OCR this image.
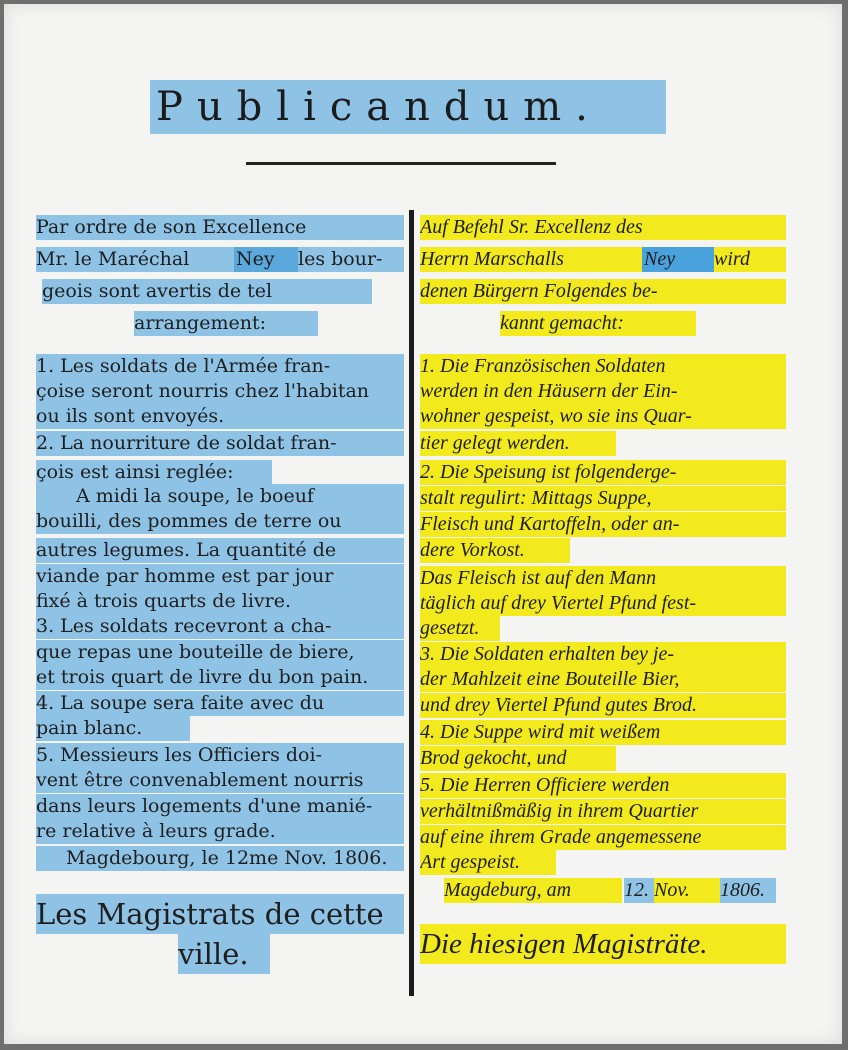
Publicandum.
Par ordre de son Excellence
Mr. le Maréchal	Ney	les bour-
geois sont avertis de tel
arrangement:
1. Les soldats de l'Armée fran-
çoise seront nourris chez l'habitan
ou ils sont envoyés.
2. La nourriture de soldat fran-
çois est ainsi reglée:
A midi la soupe, le boeuf
bouilli, des pommes de terre ou
autres legumes. La quantité de
viande par homme est par jour
fixé à trois quarts de livre.
3. Les soldats recevront a cha-
que repas une bouteille de biere,
et trois quart de livre du bon pain.
4. La soupe sera faite avec du
pain blanc.
5. Messieurs les Officiers doi-
vent être convenablement nourris
dans leurs logements d'une manié-
re relative à leurs grade.
Magdebourg, le 12me Nov. 1806.
Les Magistrats de cette
ville.
Auf Befehl Sr. Excellenz des
Herrn Marschalls	Ney	wird
denen Bürgern Folgendes be-
kannt gemacht:
1. Die Französischen Soldaten
werden in den Häusern der Ein-
wohner gespeist, wo sie ins Quar-
tier gelegt werden.
2. Die Speisung ist folgenderge-
stalt regulirt: Mittags Suppe,
Fleisch und Kartoffeln, oder an-
dere Vorkost.
Das Fleisch ist auf den Mann
täglich auf drey Viertel Pfund fest-
gesetzt.
3. Die Soldaten erhalten bey je-
der Mahlzeit eine Bouteille Bier,
und drey Viertel Pfund gutes Brod.
4. Die Suppe wird mit weißem
Brod gekocht, und
5. Die Herren Officiere werden
verhältnißmäßig in ihrem Quartier
auf eine ihrem Grade angemessene
Art gespeist.
Magdeburg, am	12. Nov.	1806.
Die hiesigen Magisträte.
